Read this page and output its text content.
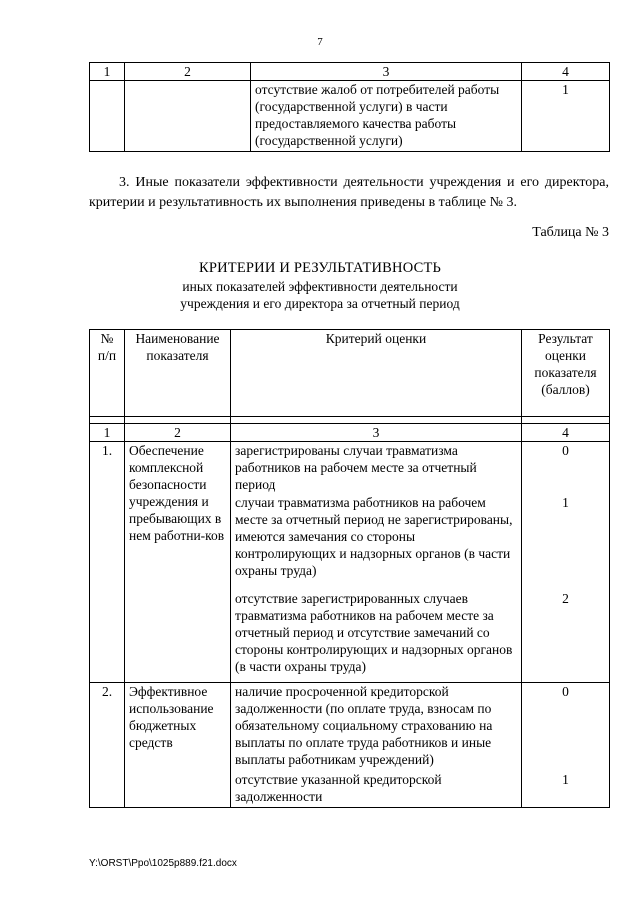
7
1	2	3	4
		отсутствие жалоб от потребителей работы (государственной услуги) в части предоставляемого качества работы (государственной услуги)	1
3. Иные показатели эффективности деятельности учреждения и его директора, критерии и результативность их выполнения приведены в таблице № 3.
Таблица № 3
КРИТЕРИИ И РЕЗУЛЬТАТИВНОСТЬ
иных показателей эффективности деятельности
учреждения и его директора за отчетный период
№ п/п	Наименование показателя	Критерий оценки	Результат оценки показателя (баллов)

1	2	3	4
1.	Обеспечение комплексной безопасности учреждения и пребывающих в нем работни-ков	зарегистрированы случаи травматизма работников на рабочем месте за отчетный период	0
		случаи травматизма работников на рабочем месте за отчетный период не зарегистрированы, имеются замечания со стороны контролирующих и надзорных органов (в части охраны труда)	1
		отсутствие зарегистрированных случаев травматизма работников на рабочем месте за отчетный период и отсутствие замечаний со стороны контролирующих и надзорных органов (в части охраны труда)	2
2.	Эффективное использование бюджетных средств	наличие просроченной кредиторской задолженности (по оплате труда, взносам по обязательному социальному страхованию на выплаты по оплате труда работников и иные выплаты работникам учреждений)	0
		отсутствие указанной кредиторской задолженности	1
Y:\ORST\Ppo\1025p889.f21.docx
